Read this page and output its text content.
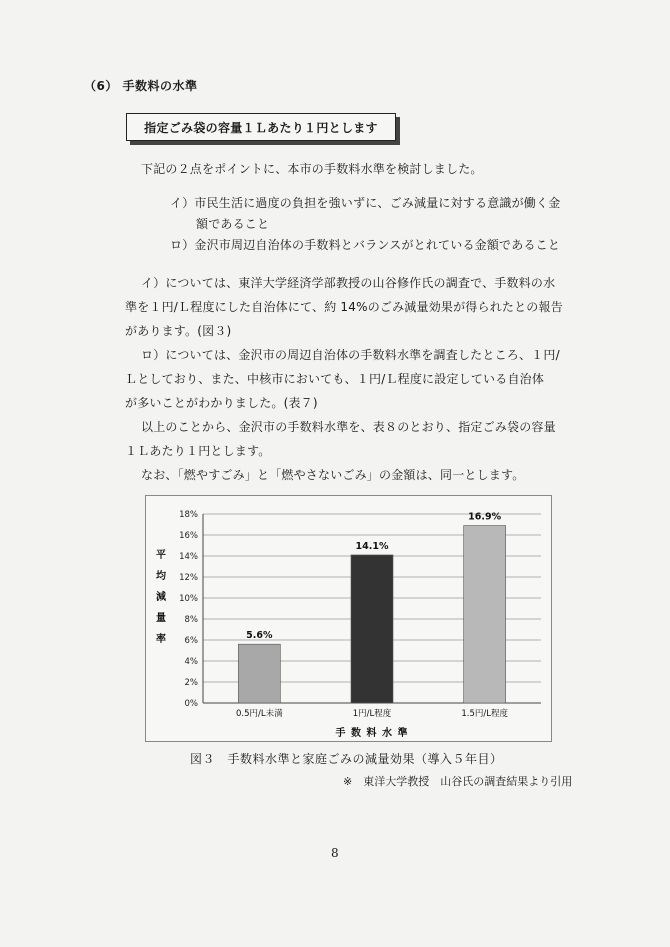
（6） 手数料の水準
指定ごみ袋の容量１Ｌあたり１円とします
下記の２点をポイントに、本市の手数料水準を検討しました。
イ）市民生活に過度の負担を強いずに、ごみ減量に対する意識が働く金
額であること
ロ）金沢市周辺自治体の手数料とバランスがとれている金額であること
イ）については、東洋大学経済学部教授の山谷修作氏の調査で、手数料の水
準を１円/Ｌ程度にした自治体にて、約 14%のごみ減量効果が得られたとの報告
があります。(図３)
ロ）については、金沢市の周辺自治体の手数料水準を調査したところ、１円/
Ｌとしており、また、中核市においても、１円/Ｌ程度に設定している自治体
が多いことがわかりました。(表７)
以上のことから、金沢市の手数料水準を、表８のとおり、指定ごみ袋の容量
１Ｌあたり１円とします。
なお、「燃やすごみ」と「燃やさないごみ」の金額は、同一とします。
0%
2%
4%
6%
8%
10%
12%
14%
16%
18%
5.6%
0.5円/L未満
14.1%
1円/L程度
16.9%
1.5円/L程度
手 数 料 水 準
平
均
減
量
率
図３　手数料水準と家庭ごみの減量効果（導入５年目）
※　東洋大学教授　山谷氏の調査結果より引用
8
